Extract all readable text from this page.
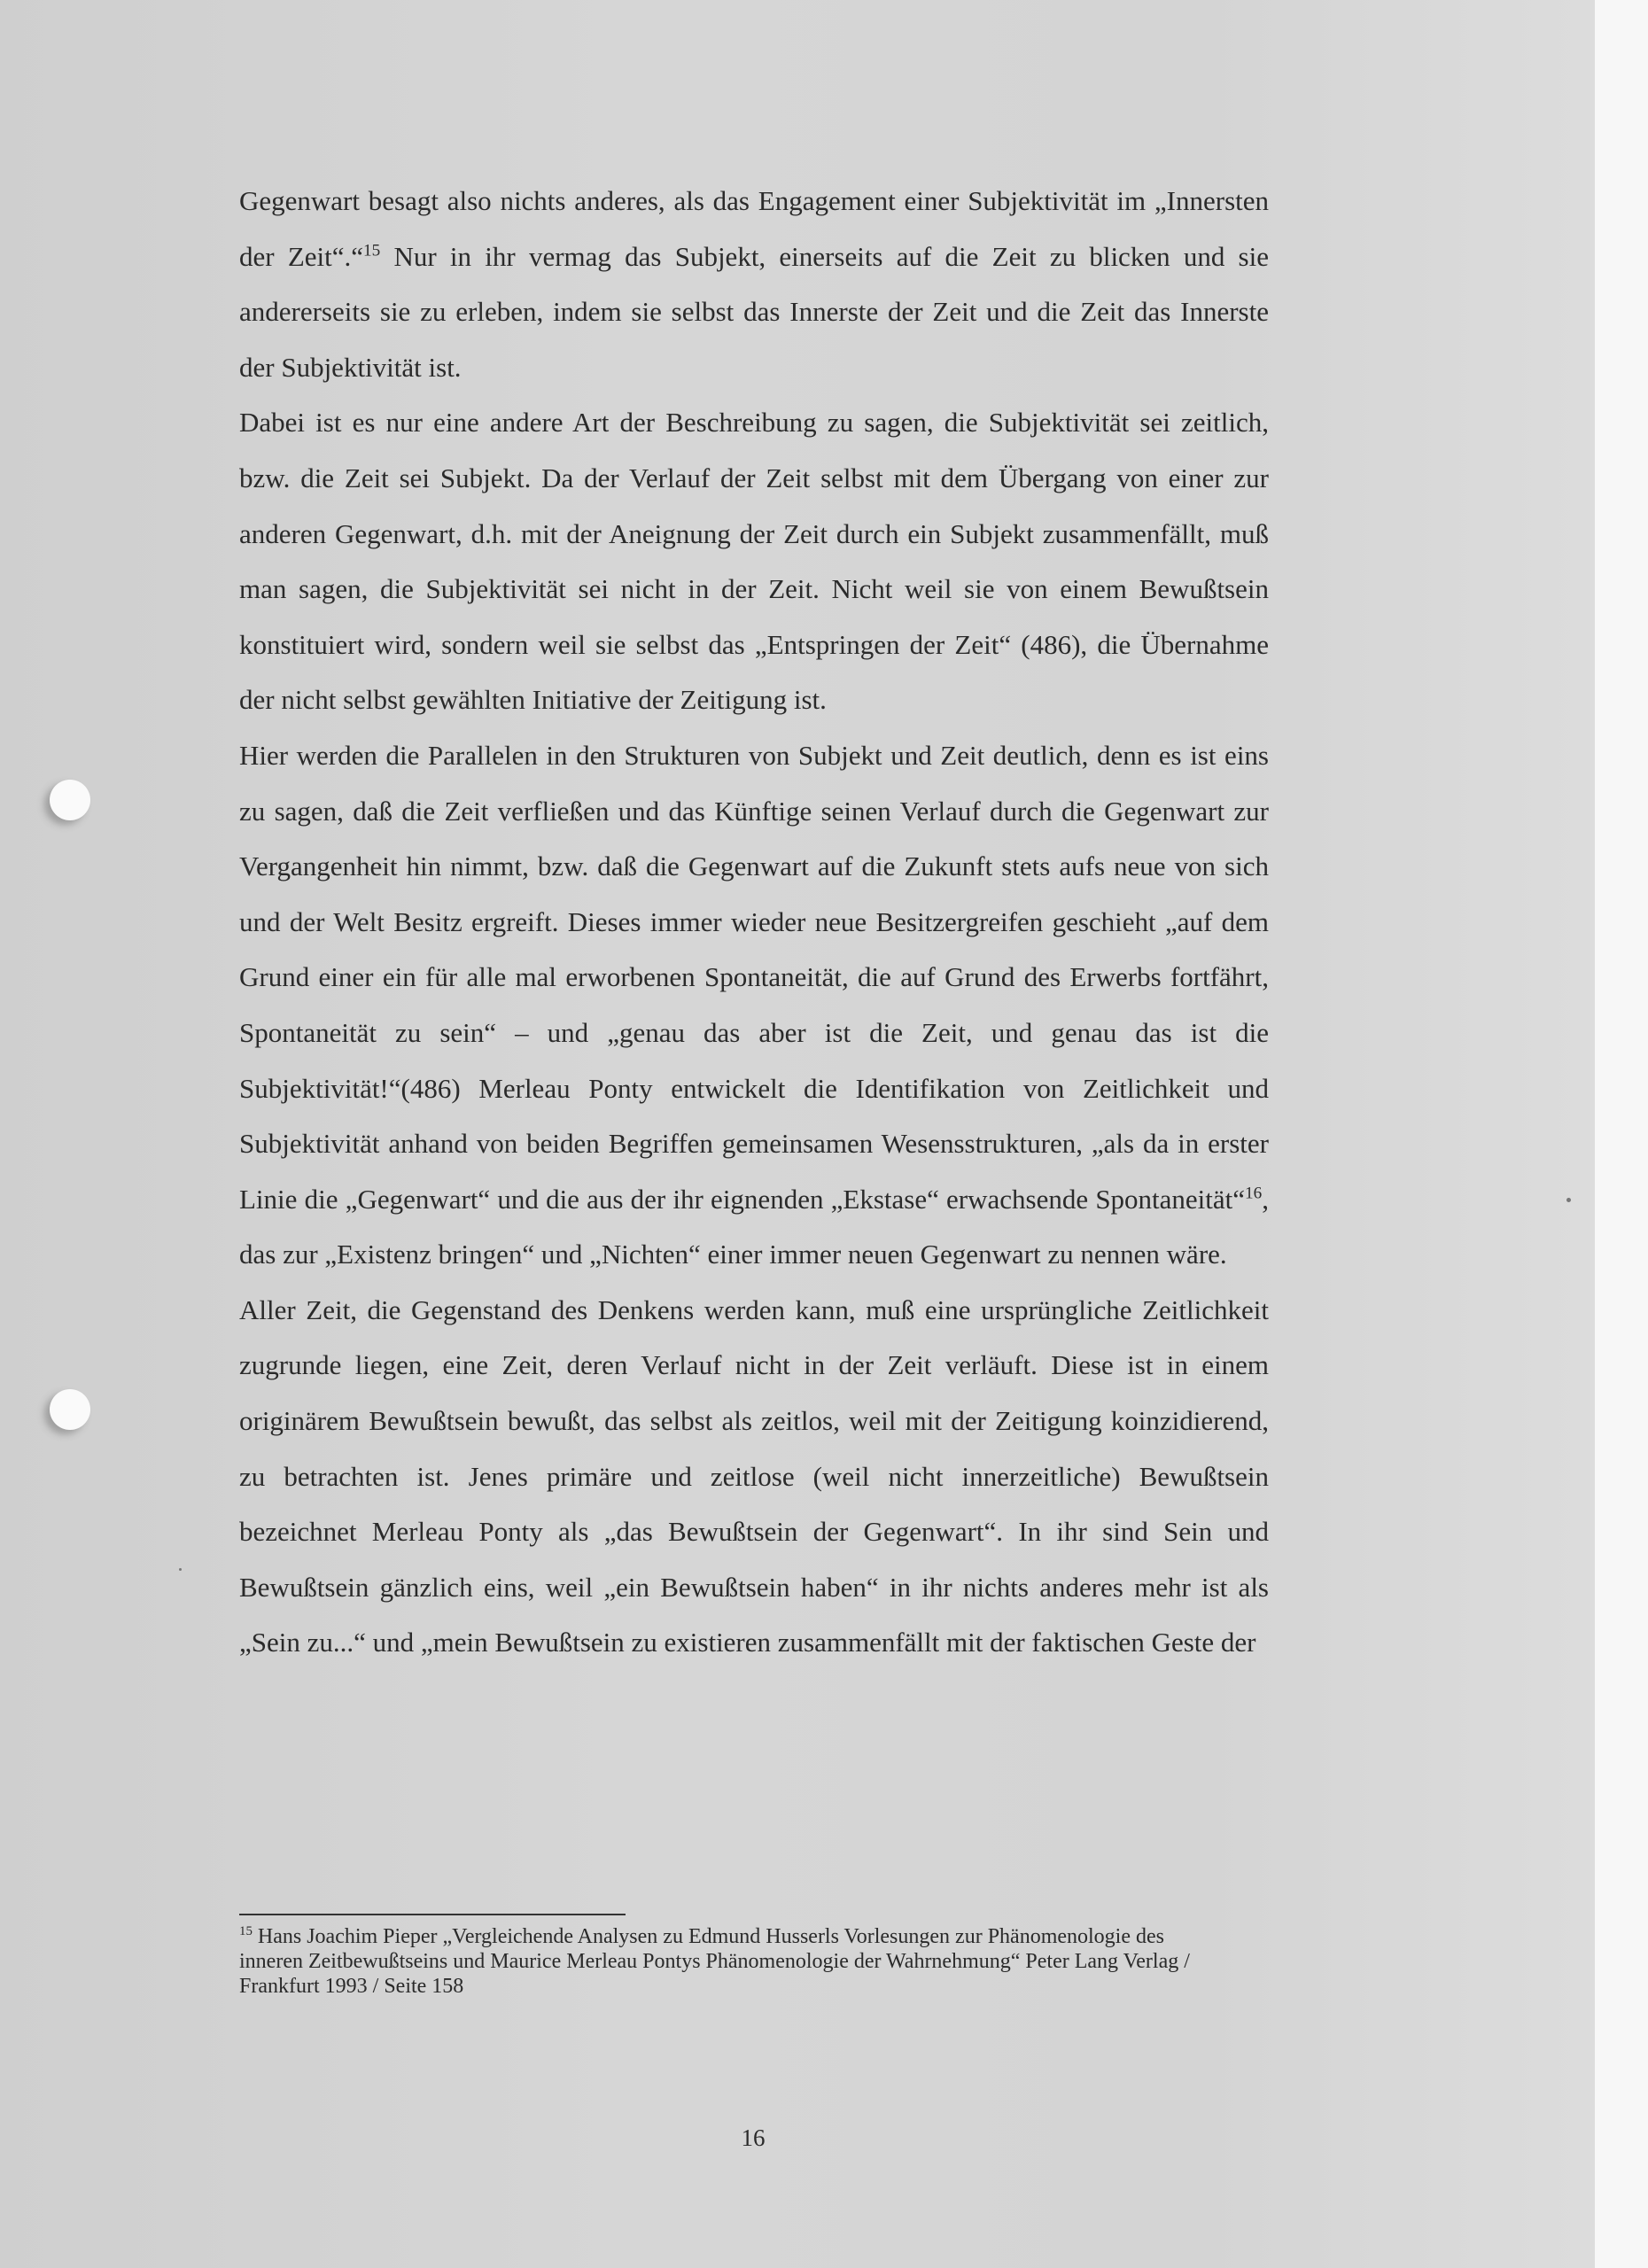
Gegenwart besagt also nichts anderes, als das Engagement einer Subjektivität im „Innersten der Zeit“.“$^{15}$ Nur in ihr vermag das Subjekt, einerseits auf die Zeit zu blicken und sie andererseits sie zu erleben, indem sie selbst das Innerste der Zeit und die Zeit das Innerste der Subjektivität ist.

Dabei ist es nur eine andere Art der Beschreibung zu sagen, die Subjektivität sei zeitlich, bzw. die Zeit sei Subjekt. Da der Verlauf der Zeit selbst mit dem Übergang von einer zur anderen Gegenwart, d.h. mit der Aneignung der Zeit durch ein Subjekt zusammenfällt, muß man sagen, die Subjektivität sei nicht in der Zeit. Nicht weil sie von einem Bewußtsein konstituiert wird, sondern weil sie selbst das „Entspringen der Zeit“ (486), die Übernahme der nicht selbst gewählten Initiative der Zeitigung ist.

Hier werden die Parallelen in den Strukturen von Subjekt und Zeit deutlich, denn es ist eins zu sagen, daß die Zeit verfließen und das Künftige seinen Verlauf durch die Gegenwart zur Vergangenheit hin nimmt, bzw. daß die Gegenwart auf die Zukunft stets aufs neue von sich und der Welt Besitz ergreift. Dieses immer wieder neue Besitzergreifen geschieht „auf dem Grund einer ein für alle mal erworbenen Spontaneität, die auf Grund des Erwerbs fortfährt, Spontaneität zu sein“ – und „genau das aber ist die Zeit, und genau das ist die Subjektivität!“(486) Merleau Ponty entwickelt die Identifikation von Zeitlichkeit und Subjektivität anhand von beiden Begriffen gemeinsamen Wesensstrukturen, „als da in erster Linie die „Gegenwart“ und die aus der ihr eignenden „Ekstase“ erwachsende Spontaneität“$^{16}$, das zur „Existenz bringen“ und „Nichten“ einer immer neuen Gegenwart zu nennen wäre.

Aller Zeit, die Gegenstand des Denkens werden kann, muß eine ursprüngliche Zeitlichkeit zugrunde liegen, eine Zeit, deren Verlauf nicht in der Zeit verläuft. Diese ist in einem originärem Bewußtsein bewußt, das selbst als zeitlos, weil mit der Zeitigung koinzidierend, zu betrachten ist. Jenes primäre und zeitlose (weil nicht innerzeitliche) Bewußtsein bezeichnet Merleau Ponty als „das Bewußtsein der Gegenwart“. In ihr sind Sein und Bewußtsein gänzlich eins, weil „ein Bewußtsein haben“ in ihr nichts anderes mehr ist als „Sein zu...“ und „mein Bewußtsein zu existieren zusammenfällt mit der faktischen Geste der

$^{15}$ Hans Joachim Pieper „Vergleichende Analysen zu Edmund Husserls Vorlesungen zur Phänomenologie des inneren Zeitbewußtseins und Maurice Merleau Pontys Phänomenologie der Wahrnehmung“ Peter Lang Verlag / Frankfurt 1993 / Seite 158

16
